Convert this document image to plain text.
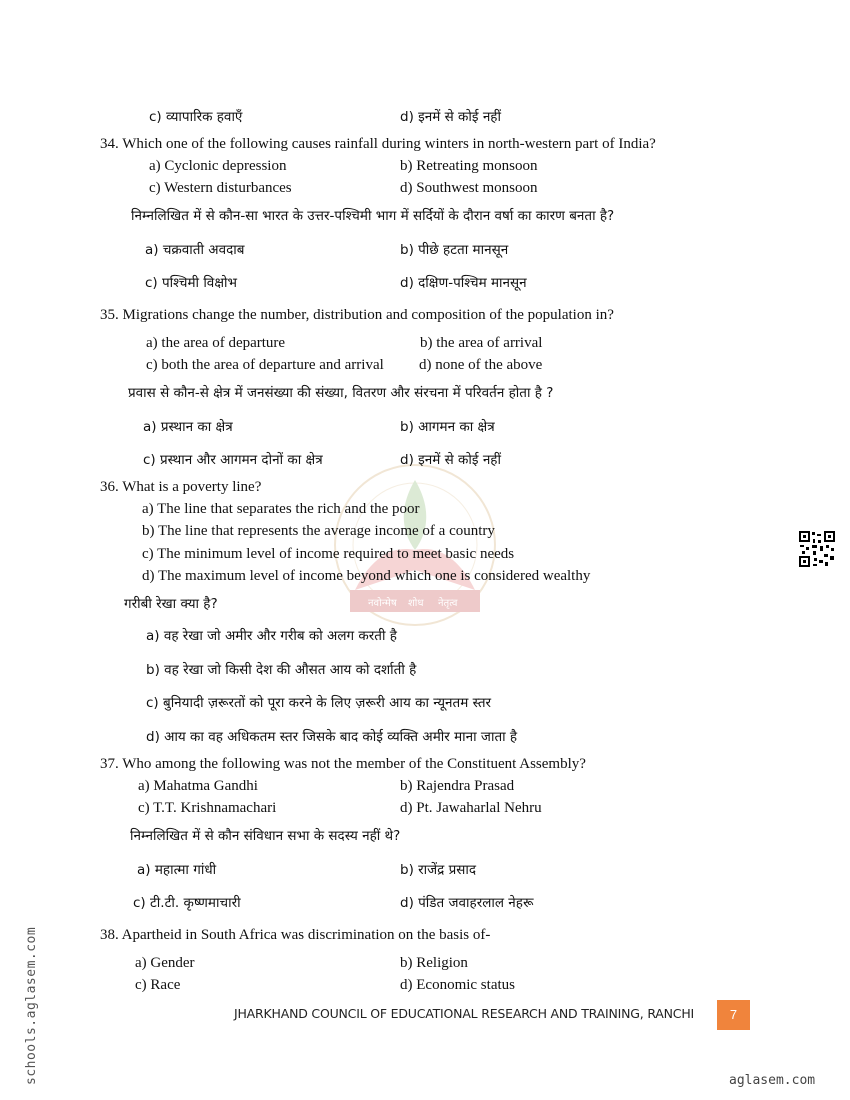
नवोन्मेष शोध नेतृत्व
c) व्यापारिक हवाएँ	d) इनमें से कोई नहीं
34. Which one of the following causes rainfall during winters in north-western part of India?
a) Cyclonic depression	b) Retreating monsoon
c) Western disturbances	d) Southwest monsoon
निम्नलिखित में से कौन-सा भारत के उत्तर-पश्चिमी भाग में सर्दियों के दौरान वर्षा का कारण बनता है?
a) चक्रवाती अवदाब	b) पीछे हटता मानसून
c) पश्चिमी विक्षोभ	d) दक्षिण-पश्चिम मानसून
35. Migrations change the number, distribution and composition of the population in?
a) the area of departure	b) the area of arrival
c) both the area of departure and arrival d) none of the above
प्रवास से कौन-से क्षेत्र में जनसंख्या की संख्या, वितरण और संरचना में परिवर्तन होता है ?
a) प्रस्थान का क्षेत्र	b) आगमन का क्षेत्र
c) प्रस्थान और आगमन दोनों का क्षेत्र	d) इनमें से कोई नहीं
36. What is a poverty line?
a) The line that separates the rich and the poor
b) The line that represents the average income of a country
c) The minimum level of income required to meet basic needs
d) The maximum level of income beyond which one is considered wealthy
गरीबी रेखा क्या है?
a) वह रेखा जो अमीर और गरीब को अलग करती है
b) वह रेखा जो किसी देश की औसत आय को दर्शाती है
c) बुनियादी ज़रूरतों को पूरा करने के लिए ज़रूरी आय का न्यूनतम स्तर
d) आय का वह अधिकतम स्तर जिसके बाद कोई व्यक्ति अमीर माना जाता है
37. Who among the following was not the member of the Constituent Assembly?
a) Mahatma Gandhi	b) Rajendra Prasad
c) T.T. Krishnamachari	d) Pt. Jawaharlal Nehru
निम्नलिखित में से कौन संविधान सभा के सदस्य नहीं थे?
a) महात्मा गांधी	b) राजेंद्र प्रसाद
c) टी.टी. कृष्णमाचारी	d) पंडित जवाहरलाल नेहरू
38. Apartheid in South Africa was discrimination on the basis of-
a) Gender	b) Religion
c) Race	d) Economic status
JHARKHAND COUNCIL OF EDUCATIONAL RESEARCH AND TRAINING, RANCHI	7
schools.aglasem.com	aglasem.com
